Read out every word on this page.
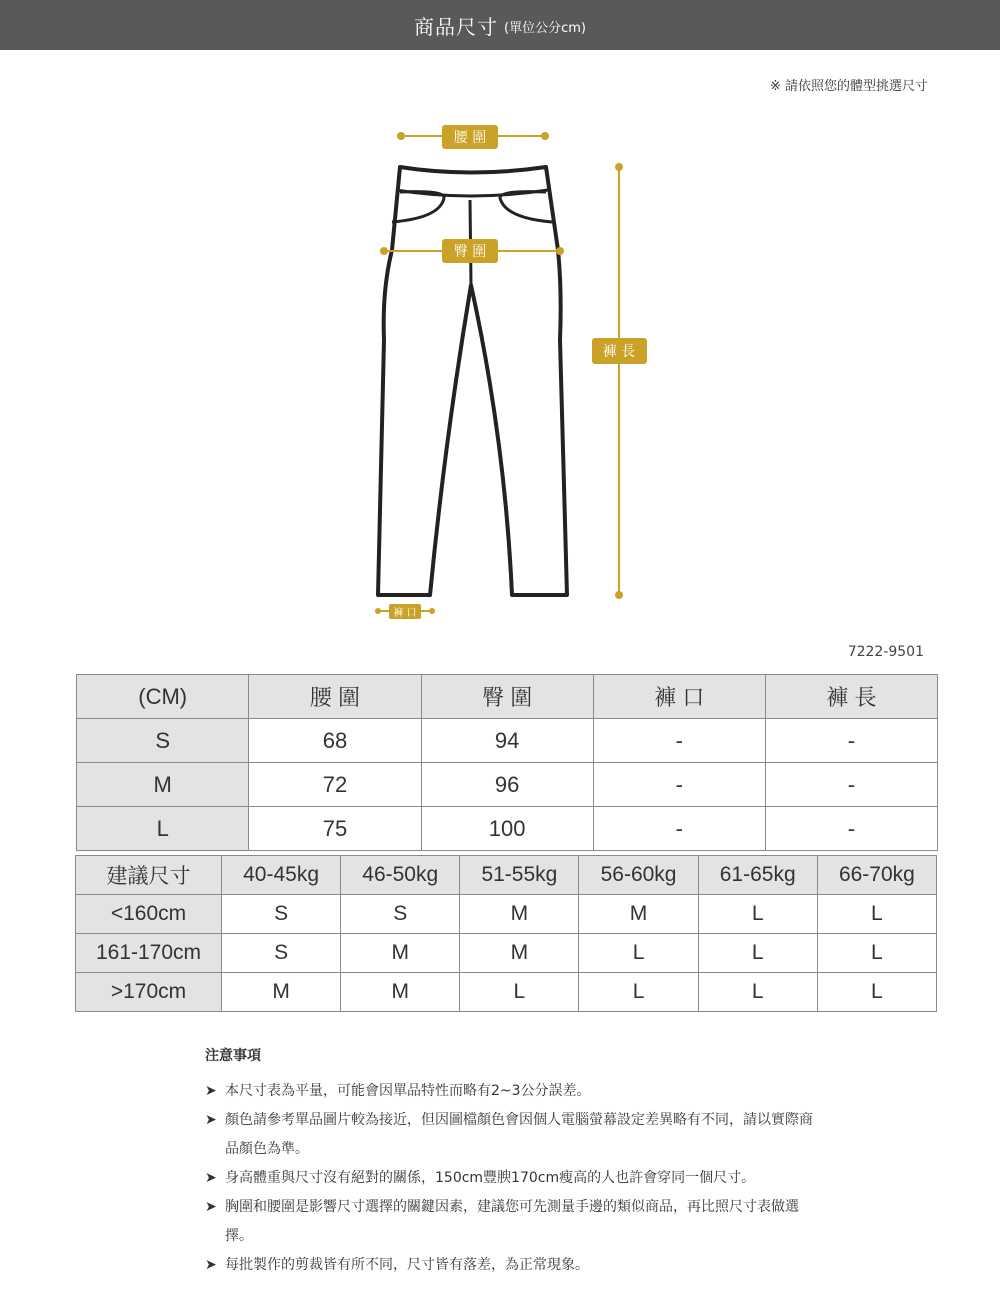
商品尺寸 (單位公分cm)
※ 請依照您的體型挑選尺寸
腰 圍
臀 圍
褲 長
褲 口
7222-9501
(CM)	腰 圍	臀 圍	褲 口	褲 長
S	68	94	-	-
M	72	96	-	-
L	75	100	-	-
建議尺寸	40-45kg	46-50kg	51-55kg	56-60kg	61-65kg	66-70kg
<160cm	S	S	M	M	L	L
161-170cm	S	M	M	L	L	L
>170cm	M	M	L	L	L	L
注意事項
➤ 本尺寸表為平量，可能會因單品特性而略有2~3公分誤差。
➤ 顏色請參考單品圖片較為接近，但因圖檔顏色會因個人電腦螢幕設定差異略有不同，請以實際商品顏色為準。
➤ 身高體重與尺寸沒有絕對的關係，150cm豐腴170cm瘦高的人也許會穿同一個尺寸。
➤ 胸圍和腰圍是影響尺寸選擇的關鍵因素，建議您可先測量手邊的類似商品，再比照尺寸表做選擇。
➤ 每批製作的剪裁皆有所不同，尺寸皆有落差，為正常現象。
